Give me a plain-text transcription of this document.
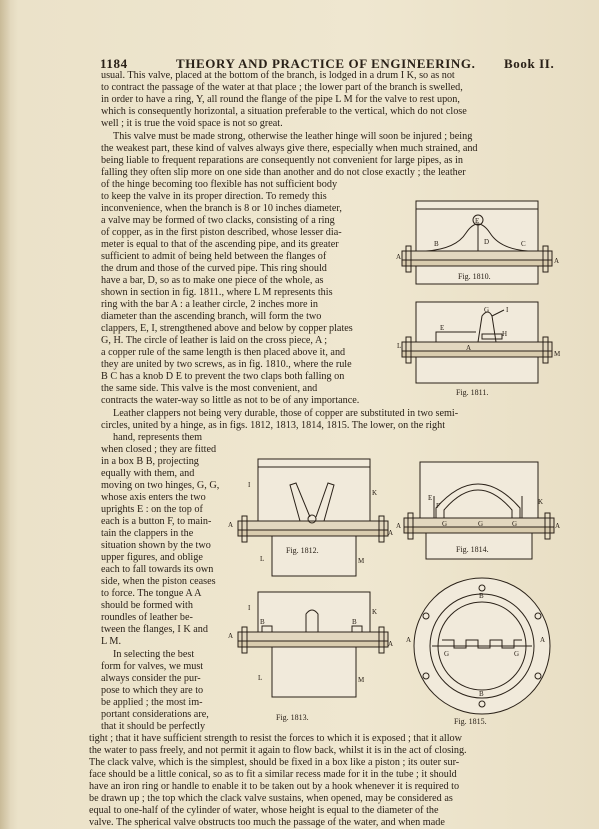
1184	THEORY AND PRACTICE OF ENGINEERING. Book II.
usual. This valve, placed at the bottom of the branch, is lodged in a drum I K, so as not
to contract the passage of the water at that place ; the lower part of the branch is swelled,
in order to have a ring, Y, all round the flange of the pipe L M for the valve to rest upon,
which is consequently horizontal, a situation preferable to the vertical, which do not close
well ; it is true the void space is not so great.
This valve must be made strong, otherwise the leather hinge will soon be injured ; being
the weakest part, these kind of valves always give there, especially when much strained, and
being liable to frequent reparations are consequently not convenient for large pipes, as in
falling they often slip more on one side than another and do not close exactly ; the leather
of the hinge becoming too flexible has not sufficient body
to keep the valve in its proper direction. To remedy this
inconvenience, when the branch is 8 or 10 inches diameter,
a valve may be formed of two clacks, consisting of a ring
of copper, as in the first piston described, whose lesser dia-
meter is equal to that of the ascending pipe, and its greater
sufficient to admit of being held between the flanges of
the drum and those of the curved pipe. This ring should
have a bar, D, so as to make one piece of the whole, as
shown in section in fig. 1811., where L M represents this
ring with the bar A : a leather circle, 2 inches more in
diameter than the ascending branch, will form the two
clappers, E, I, strengthened above and below by copper plates
G, H. The circle of leather is laid on the cross piece, A ;
a copper rule of the same length is then placed above it, and
they are united by two screws, as in fig. 1810., where the rule
B C has a knob D E to prevent the two claps both falling on
the same side. This valve is the most convenient, and
contracts the water-way so little as not to be of any importance.
Leather clappers not being very durable, those of copper are substituted in two semi-
circles, united by a hinge, as in figs. 1812, 1813, 1814, 1815. The lower, on the right
hand, represents them
when closed ; they are fitted
in a box B B, projecting
equally with them, and
moving on two hinges, G, G,
whose axis enters the two
uprights E : on the top of
each is a button F, to main-
tain the clappers in the
situation shown by the two
upper figures, and oblige
each to fall towards its own
side, when the piston ceases
to force. The tongue A A
should be formed with
roundles of leather be-
tween the flanges, I K and
L M.
In selecting the best
form for valves, we must
always consider the pur-
pose to which they are to
be applied ; the most im-
portant considerations are,
that it should be perfectly
tight ; that it have sufficient strength to resist the forces to which it is exposed ; that it allow
the water to pass freely, and not permit it again to flow back, whilst it is in the act of closing.
The clack valve, which is the simplest, should be fixed in a box like a piston ; its outer sur-
face should be a little conical, so as to fit a similar recess made for it in the tube ; it should
have an iron ring or handle to enable it to be taken out by a hook whenever it is required to
be drawn up ; the top which the clack valve sustains, when opened, may be considered as
equal to one-half of the cylinder of water, whose height is equal to the diameter of the
valve. The spherical valve obstructs too much the passage of the water, and when made
B	C
D
E
A	A
Fig. 1810.
L
M
E
I
H
G
A
Fig. 1811.
I
K
A
A
L	M
Fig. 1812.
I	K
B	B
A
A
L	M
Fig. 1813.
E
F	K
A	A
G	G	G
Fig. 1814.
B
A	A
G	G
B
Fig. 1815.
